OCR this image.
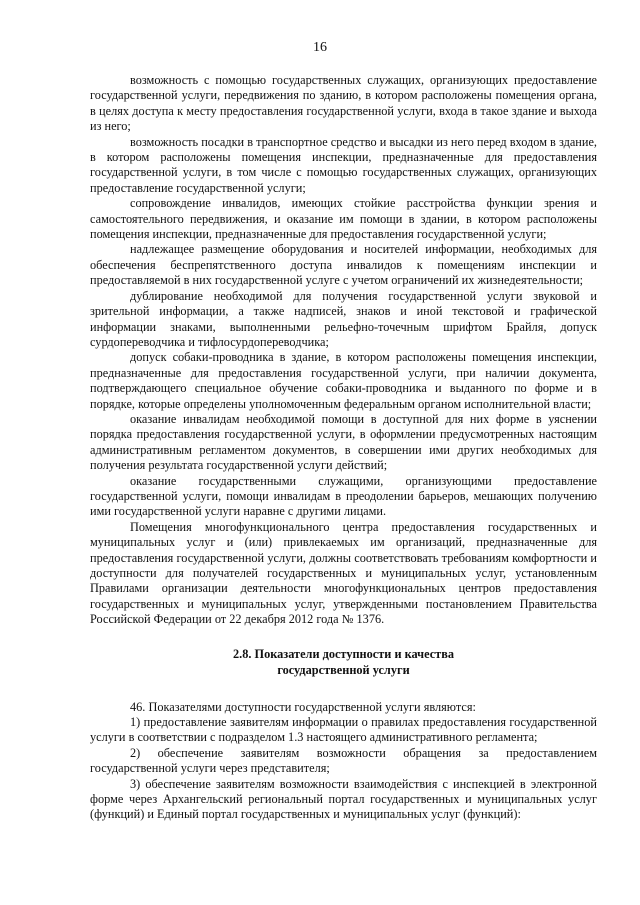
16

возможность с помощью государственных служащих, организующих предоставление государственной услуги, передвижения по зданию, в котором расположены помещения органа, в целях доступа к месту предоставления государственной услуги, входа в такое здание и выхода из него;

возможность посадки в транспортное средство и высадки из него перед входом в здание, в котором расположены помещения инспекции, предназначенные для предоставления государственной услуги, в том числе с помощью государственных служащих, организующих предоставление государственной услуги;

сопровождение инвалидов, имеющих стойкие расстройства функции зрения и самостоятельного передвижения, и оказание им помощи в здании, в котором расположены помещения инспекции, предназначенные для предоставления государственной услуги;

надлежащее размещение оборудования и носителей информации, необходимых для обеспечения беспрепятственного доступа инвалидов к помещениям инспекции и предоставляемой в них государственной услуге с учетом ограничений их жизнедеятельности;

дублирование необходимой для получения государственной услуги звуковой и зрительной информации, а также надписей, знаков и иной текстовой и графической информации знаками, выполненными рельефно-точечным шрифтом Брайля, допуск сурдопереводчика и тифлосурдопереводчика;

допуск собаки-проводника в здание, в котором расположены помещения инспекции, предназначенные для предоставления государственной услуги, при наличии документа, подтверждающего специальное обучение собаки-проводника и выданного по форме и в порядке, которые определены уполномоченным федеральным органом исполнительной власти;

оказание инвалидам необходимой помощи в доступной для них форме в уяснении порядка предоставления государственной услуги, в оформлении предусмотренных настоящим административным регламентом документов, в совершении ими других необходимых для получения результата государственной услуги действий;

оказание государственными служащими, организующими предоставление государственной услуги, помощи инвалидам в преодолении барьеров, мешающих получению ими государственной услуги наравне с другими лицами.

Помещения многофункционального центра предоставления государственных и муниципальных услуг и (или) привлекаемых им организаций, предназначенные для предоставления государственной услуги, должны соответствовать требованиям комфортности и доступности для получателей государственных и муниципальных услуг, установленным Правилами организации деятельности многофункциональных центров предоставления государственных и муниципальных услуг, утвержденными постановлением Правительства Российской Федерации от 22 декабря 2012 года № 1376.

2.8. Показатели доступности и качества

государственной услуги

46. Показателями доступности государственной услуги являются:

1) предоставление заявителям информации о правилах предоставления государственной услуги в соответствии с подразделом 1.3 настоящего административного регламента;

2) обеспечение заявителям возможности обращения за предоставлением государственной услуги через представителя;

3) обеспечение заявителям возможности взаимодействия с инспекцией в электронной форме через Архангельский региональный портал государственных и муниципальных услуг (функций) и Единый портал государственных и муниципальных услуг (функций):
